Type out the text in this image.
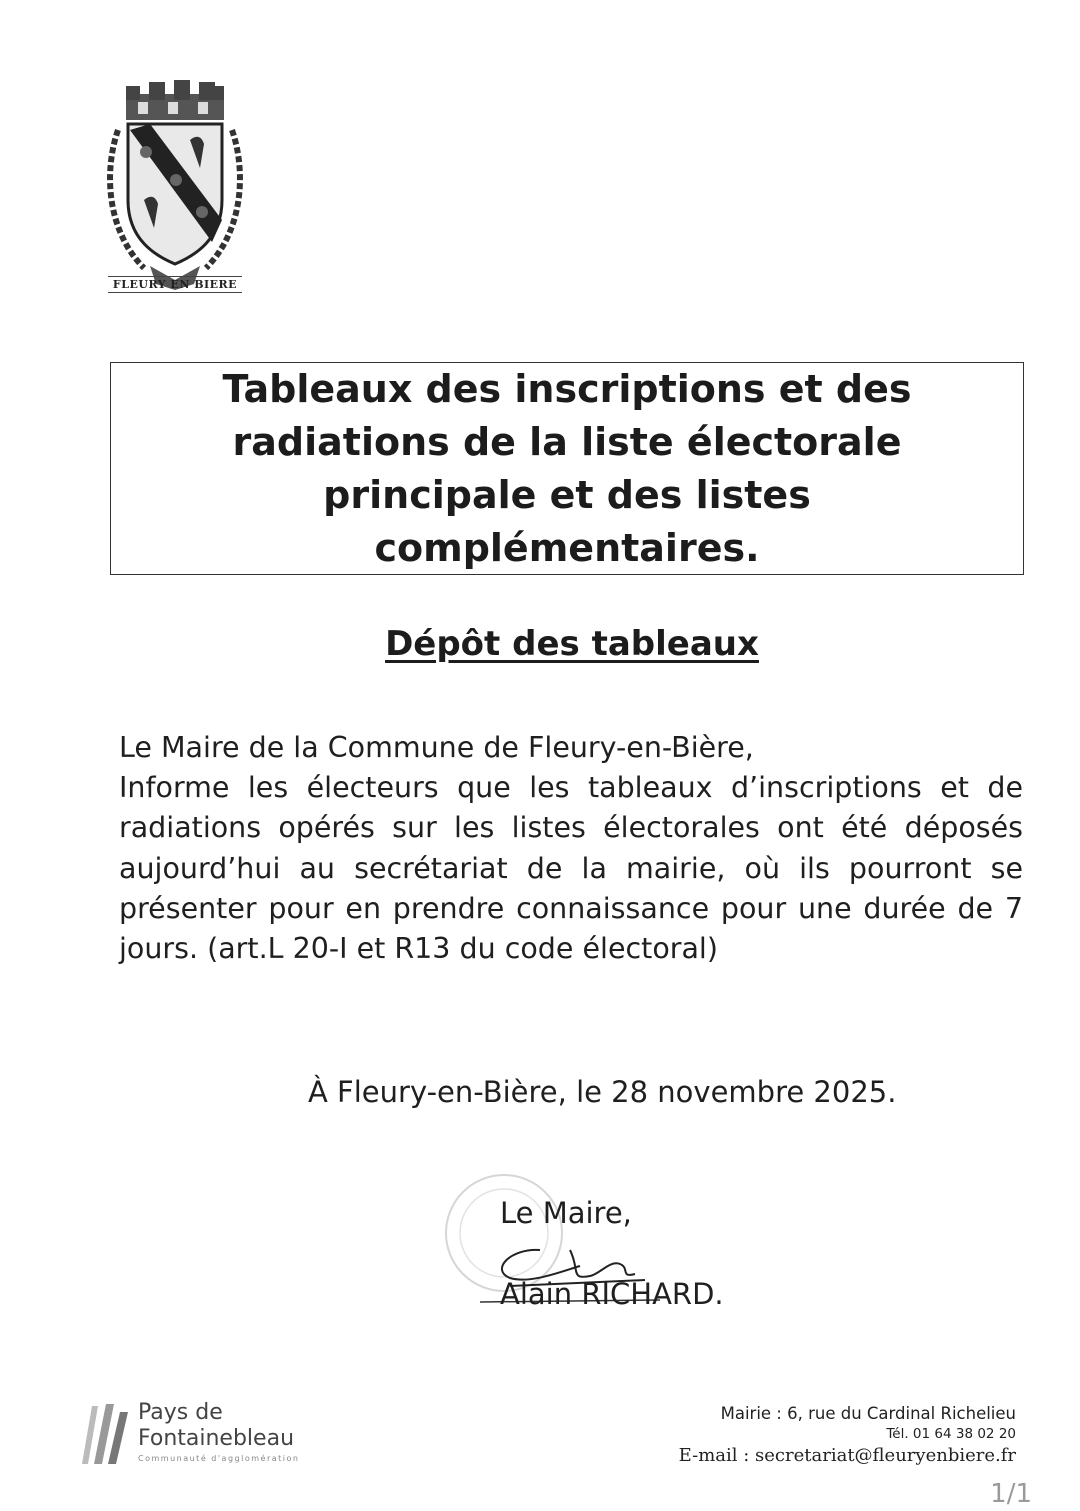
FLEURY EN BIERE
Tableaux des inscriptions et des radiations de la liste électorale principale et des listes complémentaires.
Dépôt des tableaux

Le Maire de la Commune de Fleury-en-Bière,

Informe les électeurs que les tableaux d’inscriptions et de radiations opérés sur les listes électorales ont été déposés aujourd’hui au secrétariat de la mairie, où ils pourront se présenter pour en prendre connaissance pour une durée de 7 jours. (art.L 20-I et R13 du code électoral)

À Fleury-en-Bière, le 28 novembre 2025.
Le Maire,
Alain RICHARD.
Pays de
Fontainebleau
Communauté d'agglomération
Mairie : 6, rue du Cardinal Richelieu
Tél. 01 64 38 02 20
E-mail : secretariat@fleuryenbiere.fr
1/1
